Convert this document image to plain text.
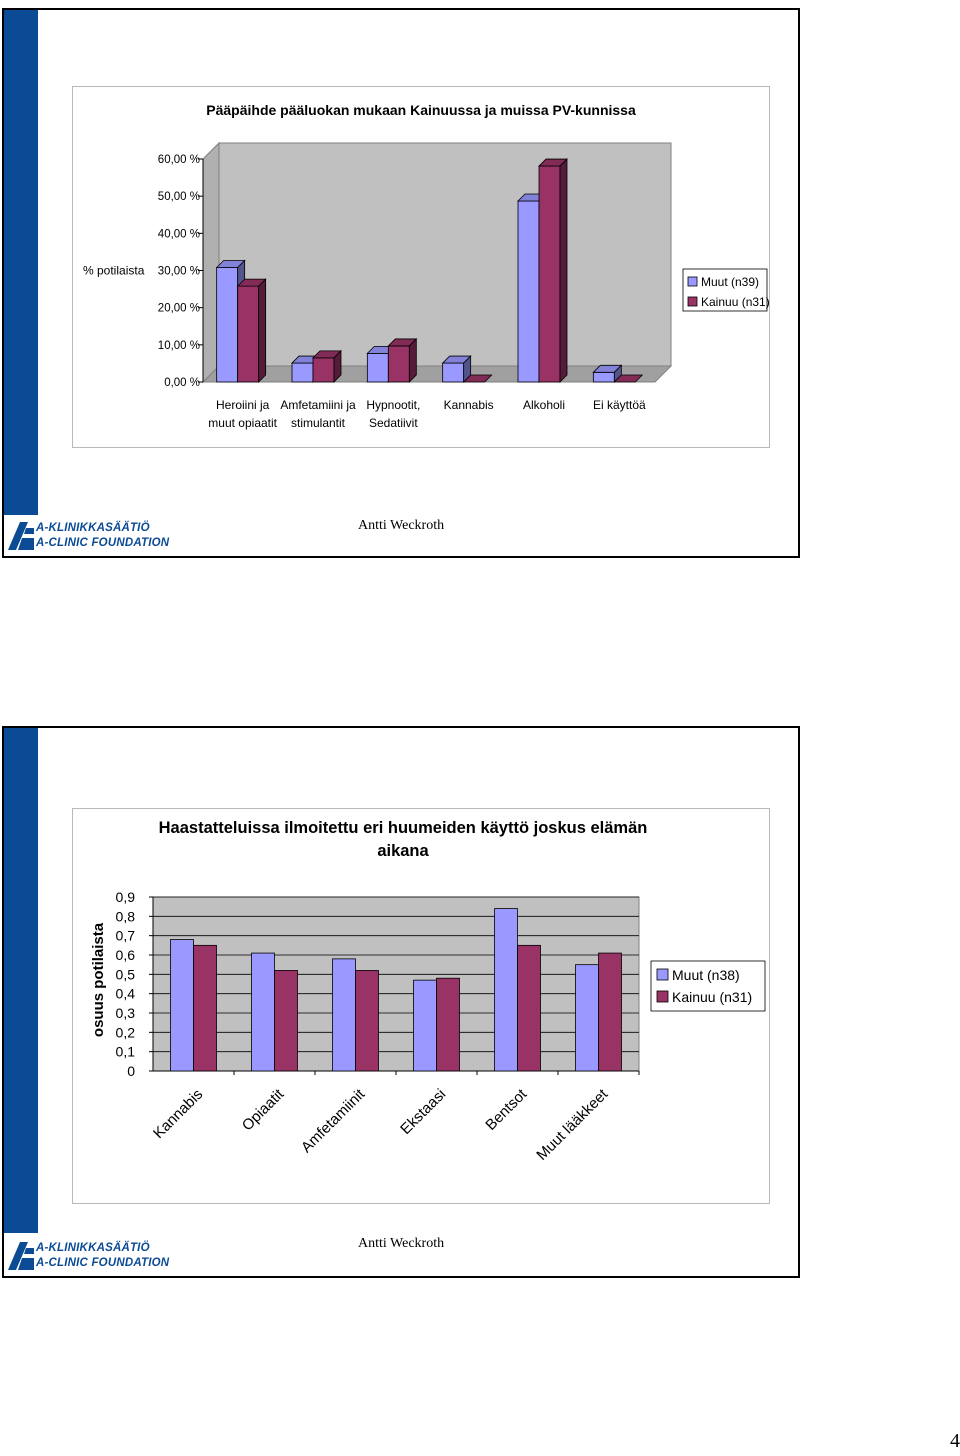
Pääpäihde pääluokan mukaan Kainuussa ja muissa PV-kunnissa
0,00 %
10,00 %
20,00 %
30,00 %
40,00 %
50,00 %
60,00 %
% potilaista
Heroiini ja
muut opiaatit
Amfetamiini ja
stimulantit
Hypnootit,
Sedatiivit
Kannabis Alkoholi Ei käyttöä
Muut (n39)
Kainuu (n31)
Antti Weckroth
A-KLINIKKASÄÄTIÖ
A-CLINIC FOUNDATION
Haastatteluissa ilmoitettu eri huumeiden käyttö joskus elämän
aikana
0
0,1
0,2
0,3
0,4
0,5
0,6
0,7
0,8
0,9
osuus potilaista
Kannabis Opiaatit Amfetamiinit Ekstaasi Bentsot Muut lääkkeet
Muut (n38)
Kainuu (n31)
Antti Weckroth
A-KLINIKKASÄÄTIÖ
A-CLINIC FOUNDATION
4
